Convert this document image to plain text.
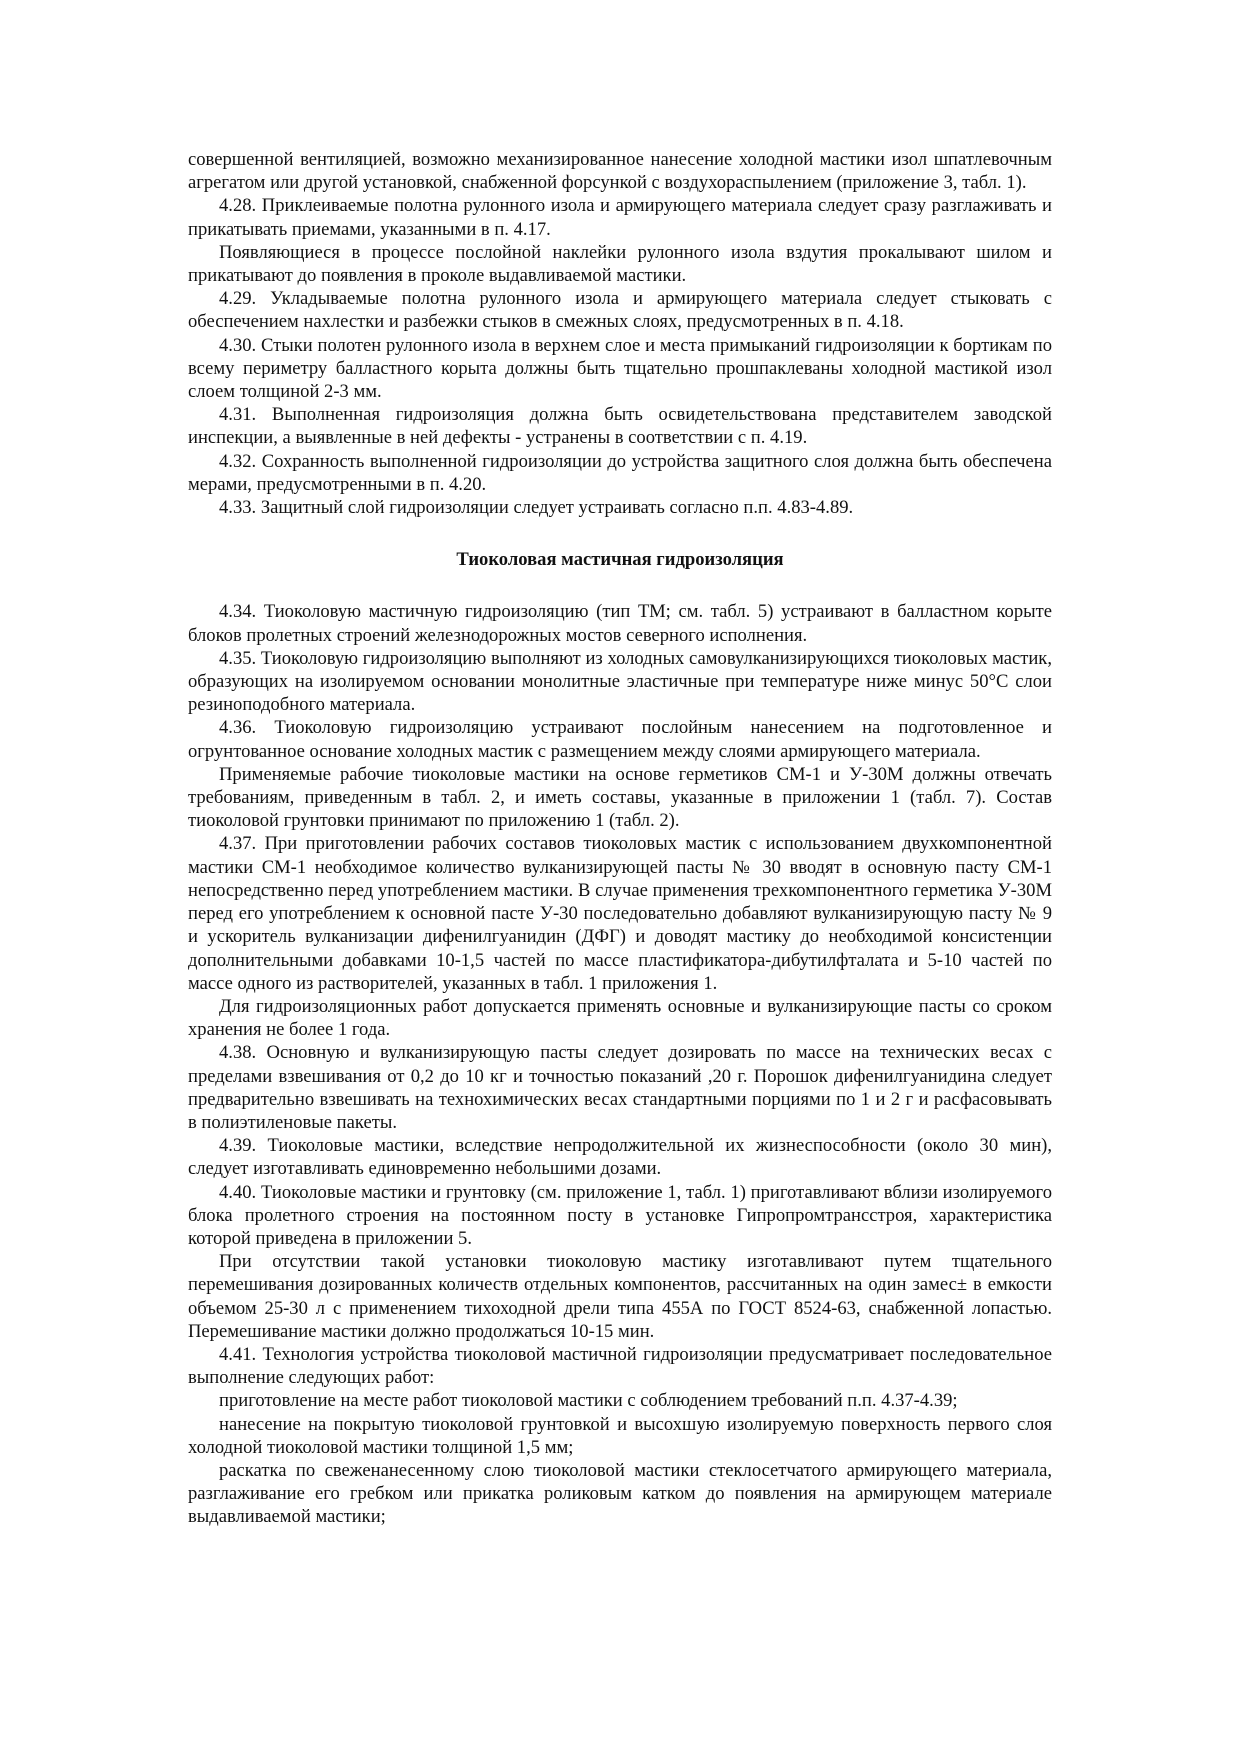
совершенной вентиляцией, возможно механизированное нанесение холодной мастики изол шпатлевочным агрегатом или другой установкой, снабженной форсункой с воздухораспылением (приложение 3, табл. 1).

4.28. Приклеиваемые полотна рулонного изола и армирующего материала следует сразу разглаживать и прикатывать приемами, указанными в п. 4.17.

Появляющиеся в процессе послойной наклейки рулонного изола вздутия прокалывают шилом и прикатывают до появления в проколе выдавливаемой мастики.

4.29. Укладываемые полотна рулонного изола и армирующего материала следует стыковать с обеспечением нахлестки и разбежки стыков в смежных слоях, предусмотренных в п. 4.18.

4.30. Стыки полотен рулонного изола в верхнем слое и места примыканий гидроизоляции к бортикам по всему периметру балластного корыта должны быть тщательно прошпаклеваны холодной мастикой изол слоем толщиной 2-3 мм.

4.31. Выполненная гидроизоляция должна быть освидетельствована представителем заводской инспекции, а выявленные в ней дефекты - устранены в соответствии с п. 4.19.

4.32. Сохранность выполненной гидроизоляции до устройства защитного слоя должна быть обеспечена мерами, предусмотренными в п. 4.20.

4.33. Защитный слой гидроизоляции следует устраивать согласно п.п. 4.83-4.89.

Тиоколовая мастичная гидроизоляция

4.34. Тиоколовую мастичную гидроизоляцию (тип ТМ; см. табл. 5) устраивают в балластном корыте блоков пролетных строений железнодорожных мостов северного исполнения.

4.35. Тиоколовую гидроизоляцию выполняют из холодных самовулканизирующихся тиоколовых мастик, образующих на изолируемом основании монолитные эластичные при температуре ниже минус 50°С слои резиноподобного материала.

4.36. Тиоколовую гидроизоляцию устраивают послойным нанесением на подготовленное и огрунтованное основание холодных мастик с размещением между слоями армирующего материала.

Применяемые рабочие тиоколовые мастики на основе герметиков СМ-1 и У-30М должны отвечать требованиям, приведенным в табл. 2, и иметь составы, указанные в приложении 1 (табл. 7). Состав тиоколовой грунтовки принимают по приложению 1 (табл. 2).

4.37. При приготовлении рабочих составов тиоколовых мастик с использованием двухкомпонентной мастики СМ-1 необходимое количество вулканизирующей пасты № 30 вводят в основную пасту СМ-1 непосредственно перед употреблением мастики. В случае применения трехкомпонентного герметика У-30М перед его употреблением к основной пасте У-30 последовательно добавляют вулканизирующую пасту № 9 и ускоритель вулканизации дифенилгуанидин (ДФГ) и доводят мастику до необходимой консистенции дополнительными добавками 10-1,5 частей по массе пластификатора-дибутилфталата и 5-10 частей по массе одного из растворителей, указанных в табл. 1 приложения 1.

Для гидроизоляционных работ допускается применять основные и вулканизирующие пасты со сроком хранения не более 1 года.

4.38. Основную и вулканизирующую пасты следует дозировать по массе на технических весах с пределами взвешивания от 0,2 до 10 кг и точностью показаний ,20 г. Порошок дифенилгуанидина следует предварительно взвешивать на технохимических весах стандартными порциями по 1 и 2 г и расфасовывать в полиэтиленовые пакеты.

4.39. Тиоколовые мастики, вследствие непродолжительной их жизнеспособности (около 30 мин), следует изготавливать единовременно небольшими дозами.

4.40. Тиоколовые мастики и грунтовку (см. приложение 1, табл. 1) приготавливают вблизи изолируемого блока пролетного строения на постоянном посту в установке Гипропромтрансстроя, характеристика которой приведена в приложении 5.

При отсутствии такой установки тиоколовую мастику изготавливают путем тщательного перемешивания дозированных количеств отдельных компонентов, рассчитанных на один замес± в емкости объемом 25-30 л с применением тихоходной дрели типа 455А по ГОСТ 8524-63, снабженной лопастью. Перемешивание мастики должно продолжаться 10-15 мин.

4.41. Технология устройства тиоколовой мастичной гидроизоляции предусматривает последовательное выполнение следующих работ:

приготовление на месте работ тиоколовой мастики с соблюдением требований п.п. 4.37-4.39;

нанесение на покрытую тиоколовой грунтовкой и высохшую изолируемую поверхность первого слоя холодной тиоколовой мастики толщиной 1,5 мм;

раскатка по свеженанесенному слою тиоколовой мастики стеклосетчатого армирующего материала, разглаживание его гребком или прикатка роликовым катком до появления на армирующем материале выдавливаемой мастики;
